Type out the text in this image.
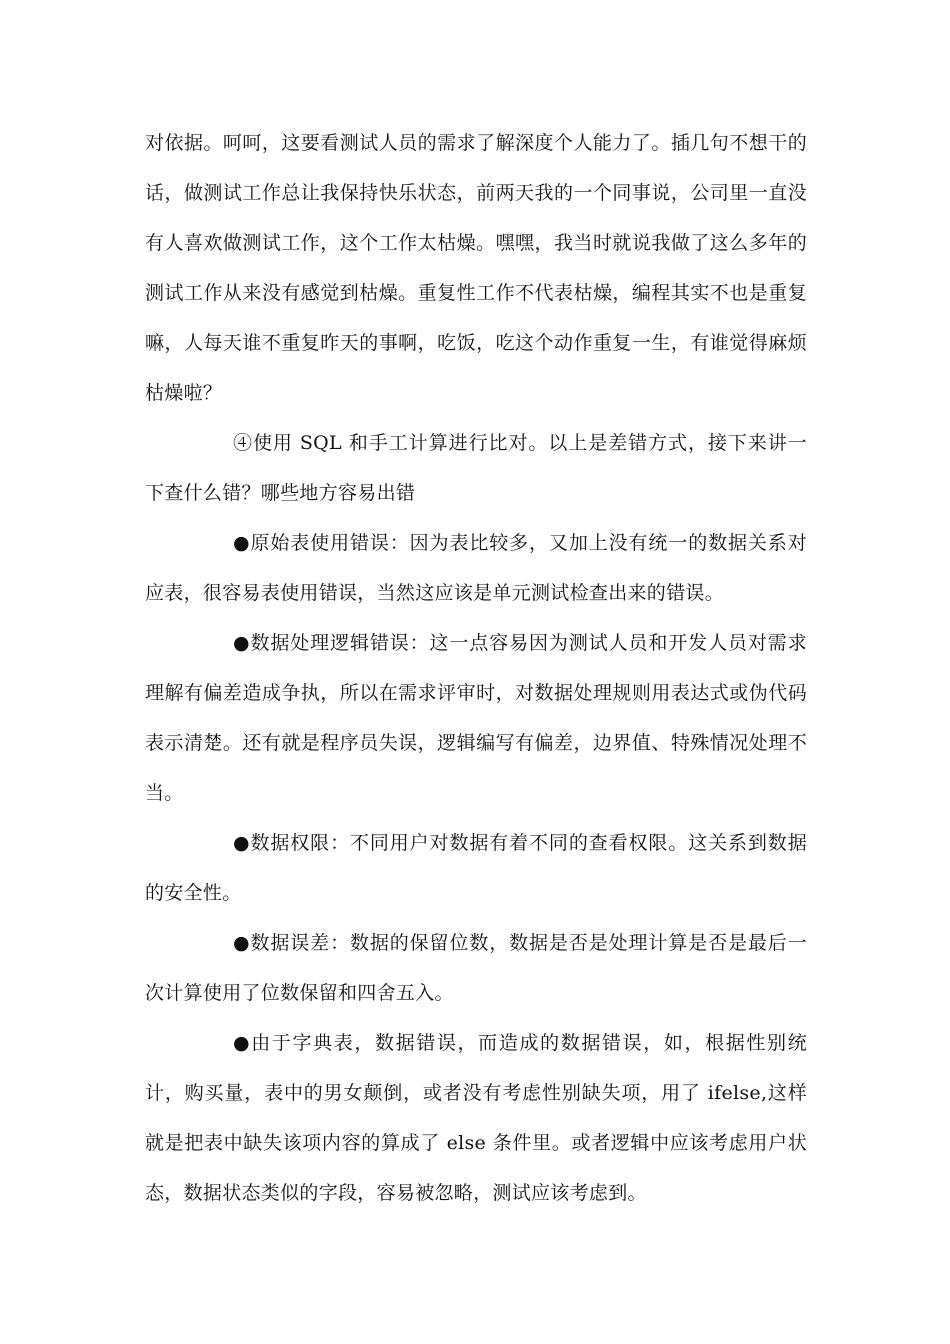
对依据。呵呵，这要看测试人员的需求了解深度个人能力了。插几句不想干的话，做测试工作总让我保持快乐状态，前两天我的一个同事说，公司里一直没有人喜欢做测试工作，这个工作太枯燥。嘿嘿，我当时就说我做了这么多年的测试工作从来没有感觉到枯燥。重复性工作不代表枯燥，编程其实不也是重复嘛，人每天谁不重复昨天的事啊，吃饭，吃这个动作重复一生，有谁觉得麻烦枯燥啦？

④使用 SQL 和手工计算进行比对。以上是差错方式，接下来讲一下查什么错？哪些地方容易出错

●原始表使用错误：因为表比较多，又加上没有统一的数据关系对应表，很容易表使用错误，当然这应该是单元测试检查出来的错误。

●数据处理逻辑错误：这一点容易因为测试人员和开发人员对需求理解有偏差造成争执，所以在需求评审时，对数据处理规则用表达式或伪代码表示清楚。还有就是程序员失误，逻辑编写有偏差，边界值、特殊情况处理不当。

●数据权限：不同用户对数据有着不同的查看权限。这关系到数据的安全性。

●数据误差：数据的保留位数，数据是否是处理计算是否是最后一次计算使用了位数保留和四舍五入。

●由于字典表，数据错误，而造成的数据错误，如，根据性别统计，购买量，表中的男女颠倒，或者没有考虑性别缺失项，用了 ifelse,这样就是把表中缺失该项内容的算成了 else 条件里。或者逻辑中应该考虑用户状态，数据状态类似的字段，容易被忽略，测试应该考虑到。
